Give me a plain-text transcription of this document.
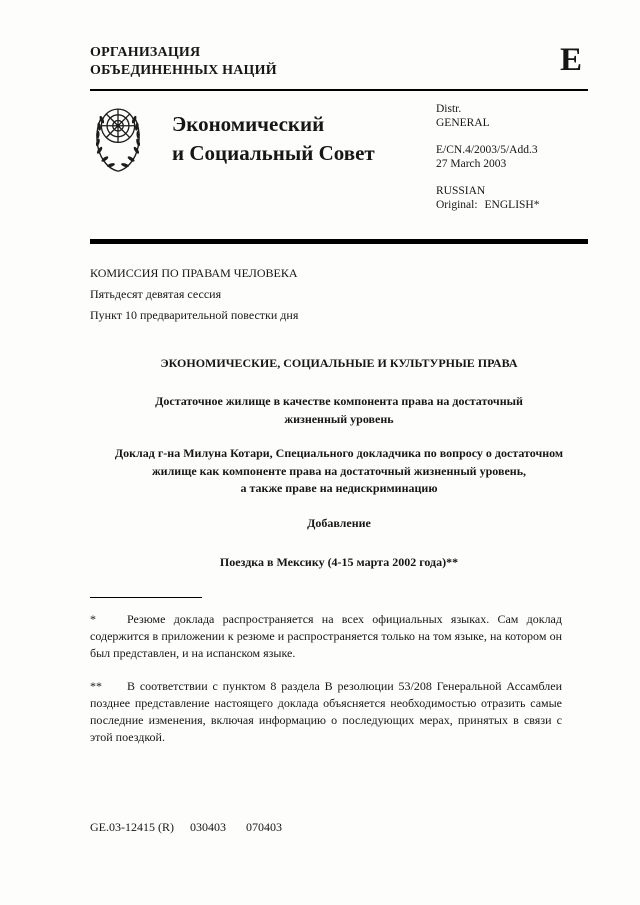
ОРГАНИЗАЦИЯ
ОБЪЕДИНЕННЫХ НАЦИЙ	E
Экономический
и Социальный Совет
Distr.
GENERAL
E/CN.4/2003/5/Add.3
27 March 2003
RUSSIAN
Original: ENGLISH*
КОМИССИЯ ПО ПРАВАМ ЧЕЛОВЕКА
Пятьдесят девятая сессия
Пункт 10 предварительной повестки дня
ЭКОНОМИЧЕСКИЕ, СОЦИАЛЬНЫЕ И КУЛЬТУРНЫЕ ПРАВА
Достаточное жилище в качестве компонента права на достаточный
жизненный уровень
Доклад г-на Милуна Котари, Специального докладчика по вопросу о достаточном
жилище как компоненте права на достаточный жизненный уровень,
а также праве на недискриминацию
Добавление
Поездка в Мексику (4-15 марта 2002 года)**

*	Резюме доклада распространяется на всех официальных языках. Сам доклад содержится в приложении к резюме и распространяется только на том языке, на котором он был представлен, и на испанском языке.

** В соответствии с пунктом 8 раздела В резолюции 53/208 Генеральной Ассамблеи позднее представление настоящего доклада объясняется необходимостью отразить самые последние изменения, включая информацию о последующих мерах, принятых в связи с этой поездкой.

GE.03-12415 (R) 030403 070403
